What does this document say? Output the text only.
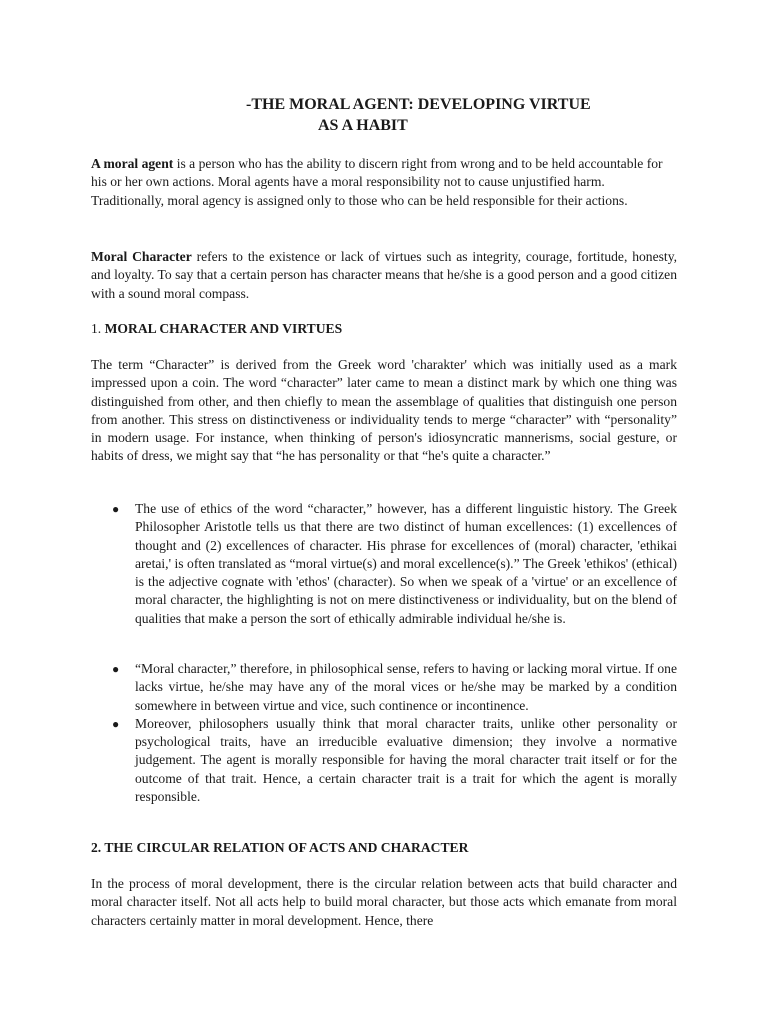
-THE MORAL AGENT: DEVELOPING VIRTUE
AS A HABIT

A moral agent is a person who has the ability to discern right from wrong and to be held accountable for his or her own actions. Moral agents have a moral responsibility not to cause unjustified harm. Traditionally, moral agency is assigned only to those who can be held responsible for their actions.

Moral Character refers to the existence or lack of virtues such as integrity, courage, fortitude, honesty, and loyalty. To say that a certain person has character means that he/she is a good person and a good citizen with a sound moral compass.

1. MORAL CHARACTER AND VIRTUES

The term “Character” is derived from the Greek word 'charakter' which was initially used as a mark impressed upon a coin. The word “character” later came to mean a distinct mark by which one thing was distinguished from other, and then chiefly to mean the assemblage of qualities that distinguish one person from another. This stress on distinctiveness or individuality tends to merge “character” with “personality” in modern usage. For instance, when thinking of person's idiosyncratic mannerisms, social gesture, or habits of dress, we might say that “he has personality or that “he's quite a character.”

● The use of ethics of the word “character,” however, has a different linguistic history. The Greek Philosopher Aristotle tells us that there are two distinct of human excellences: (1) excellences of thought and (2) excellences of character. His phrase for excellences of (moral) character, 'ethikai aretai,' is often translated as “moral virtue(s) and moral excellence(s).” The Greek 'ethikos' (ethical) is the adjective cognate with 'ethos' (character). So when we speak of a 'virtue' or an excellence of moral character, the highlighting is not on mere distinctiveness or individuality, but on the blend of qualities that make a person the sort of ethically admirable individual he/she is.
● “Moral character,” therefore, in philosophical sense, refers to having or lacking moral virtue. If one lacks virtue, he/she may have any of the moral vices or he/she may be marked by a condition somewhere in between virtue and vice, such continence or incontinence.
● Moreover, philosophers usually think that moral character traits, unlike other personality or psychological traits, have an irreducible evaluative dimension; they involve a normative judgement. The agent is morally responsible for having the moral character trait itself or for the outcome of that trait. Hence, a certain character trait is a trait for which the agent is morally responsible.

2. THE CIRCULAR RELATION OF ACTS AND CHARACTER

In the process of moral development, there is the circular relation between acts that build character and moral character itself. Not all acts help to build moral character, but those acts which emanate from moral characters certainly matter in moral development. Hence, there
